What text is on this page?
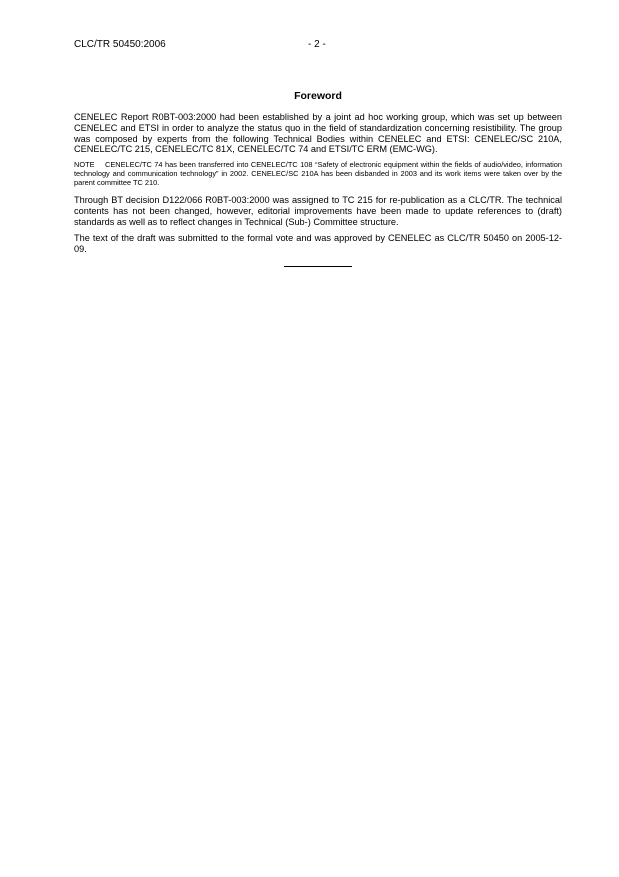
CLC/TR 50450:2006	- 2 -
Foreword

CENELEC Report R0BT-003:2000 had been established by a joint ad hoc working group, which was set up between CENELEC and ETSI in order to analyze the status quo in the field of standardization concerning resistibility. The group was composed by experts from the following Technical Bodies within CENELEC and ETSI: CENELEC/SC 210A, CENELEC/TC 215, CENELEC/TC 81X, CENELEC/TC 74 and ETSI/TC ERM (EMC-WG).

NOTE CENELEC/TC 74 has been transferred into CENELEC/TC 108 “Safety of electronic equipment within the fields of audio/video, information technology and communication technology” in 2002. CENELEC/SC 210A has been disbanded in 2003 and its work items were taken over by the parent committee TC 210.

Through BT decision D122/066 R0BT-003:2000 was assigned to TC 215 for re-publication as a CLC/TR. The technical contents has not been changed, however, editorial improvements have been made to update references to (draft) standards as well as to reflect changes in Technical (Sub-) Committee structure.

The text of the draft was submitted to the formal vote and was approved by CENELEC as CLC/TR 50450 on 2005-12-09.
